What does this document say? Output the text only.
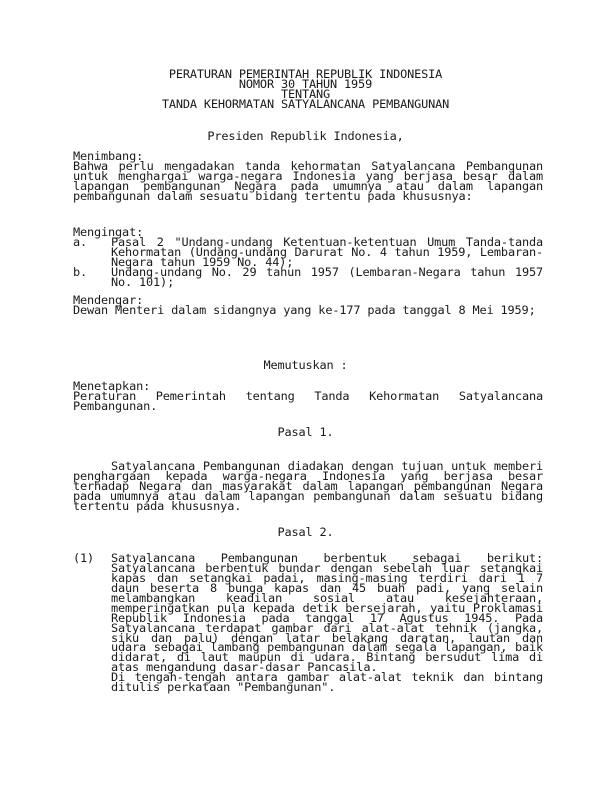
PERATURAN PEMERINTAH REPUBLIK INDONESIA
NOMOR 30 TAHUN 1959
TENTANG
TANDA KEHORMATAN SATYALANCANA PEMBANGUNAN
Presiden Republik Indonesia,
Menimbang:
Bahwa perlu mengadakan tanda kehormatan Satyalancana Pembangunan
untuk menghargai warga-negara Indonesia yang berjasa besar dalam
lapangan pembangunan Negara pada umumnya atau dalam lapangan
pembangunan dalam sesuatu bidang tertentu pada khususnya:
Mengingat:
a. Pasal 2 "Undang-undang Ketentuan-ketentuan Umum Tanda-tanda
Kehormatan (Undang-undang Darurat No. 4 tahun 1959, Lembaran-
Negara tahun 1959 No. 44);
b. Undang-undang No. 29 tahun 1957 (Lembaran-Negara tahun 1957
No. 101);
Mendengar:
Dewan Menteri dalam sidangnya yang ke-177 pada tanggal 8 Mei 1959;
Memutuskan :
Menetapkan:
Peraturan Pemerintah tentang Tanda Kehormatan Satyalancana
Pembangunan.
Pasal 1.
Satyalancana Pembangunan diadakan dengan tujuan untuk memberi
penghargaan kepada warga-negara Indonesia yang berjasa besar
terhadap Negara dan masyarakat dalam lapangan pembangunan Negara
pada umumnya atau dalam lapangan pembangunan dalam sesuatu bidang
tertentu pada khususnya.
Pasal 2.
(1) Satyalancana Pembangunan berbentuk sebagai berikut:
Satyalancana berbentuk bundar dengan sebelah luar setangkai
kapas dan setangkai padai, masing-masing terdiri dari 1 7
daun beserta 8 bunga kapas dan 45 buah padi, yang selain
melambangkan keadilan sosial atau kesejahteraan,
memperingatkan pula kepada detik bersejarah, yaitu Proklamasi
Republik Indonesia pada tanggal 17 Agustus 1945. Pada
Satyalancana terdapat gambar dari alat-alat tehnik (jangka,
siku dan palu) dengan latar belakang daratan, lautan dan
udara sebagai lambang pembangunan dalam segala lapangan, baik
didarat, di laut maupun di udara. Bintang bersudut lima di
atas mengandung dasar-dasar Pancasila.
Di tengah-tengah antara gambar alat-alat teknik dan bintang
ditulis perkataan "Pembangunan".
